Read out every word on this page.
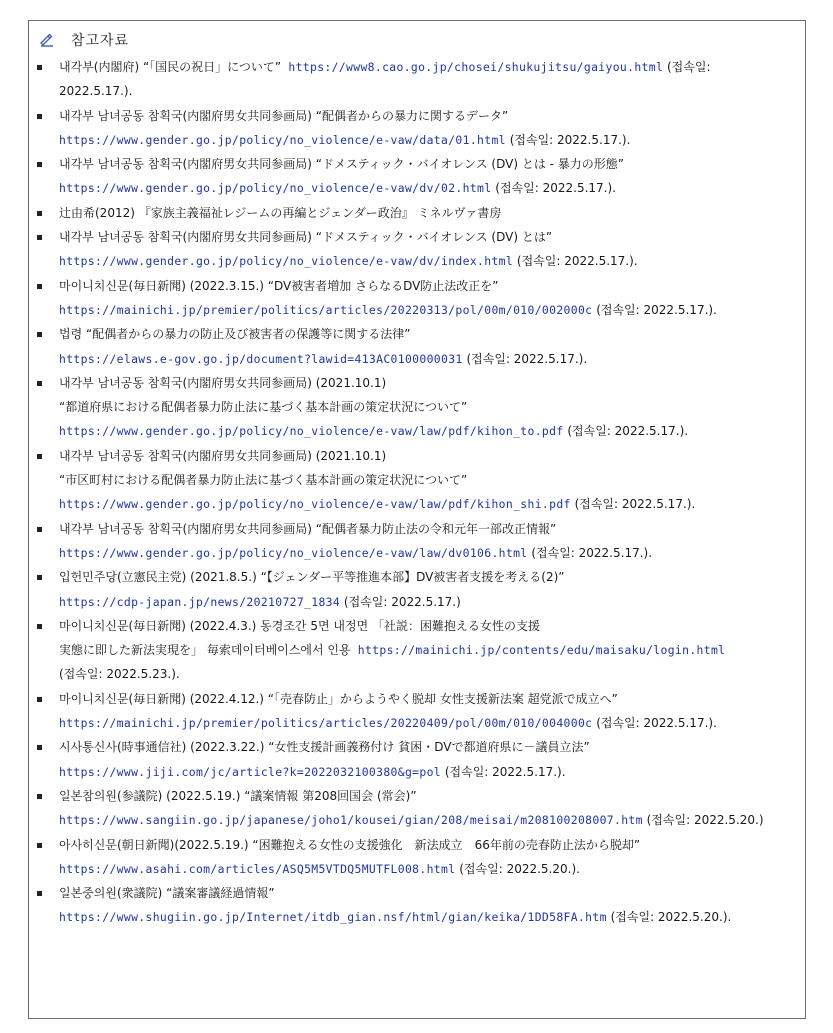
참고자료
내각부(内閣府) “「国民の祝日」について” https://www8.cao.go.jp/chosei/shukujitsu/gaiyou.html (접속일:
2022.5.17.).
내각부 남녀공동 참획국(内閣府男女共同参画局) “配偶者からの暴力に関するデータ”
https://www.gender.go.jp/policy/no_violence/e-vaw/data/01.html (접속일: 2022.5.17.).
내각부 남녀공동 참획국(内閣府男女共同参画局) “ドメスティック・バイオレンス (DV) とは - 暴力の形態”
https://www.gender.go.jp/policy/no_violence/e-vaw/dv/02.html (접속일: 2022.5.17.).
辻由希(2012) 『家族主義福祉レジームの再編とジェンダー政治』 ミネルヴァ書房
내각부 남녀공동 참획국(内閣府男女共同参画局) “ドメスティック・バイオレンス (DV) とは”
https://www.gender.go.jp/policy/no_violence/e-vaw/dv/index.html (접속일: 2022.5.17.).
마이니치신문(毎日新聞) (2022.3.15.) “DV被害者増加 さらなるDV防止法改正を”
https://mainichi.jp/premier/politics/articles/20220313/pol/00m/010/002000c (접속일: 2022.5.17.).
법령 “配偶者からの暴力の防止及び被害者の保護等に関する法律”
https://elaws.e-gov.go.jp/document?lawid=413AC0100000031 (접속일: 2022.5.17.).
내각부 남녀공동 참획국(内閣府男女共同参画局) (2021.10.1)
“都道府県における配偶者暴力防止法に基づく基本計画の策定状況について”
https://www.gender.go.jp/policy/no_violence/e-vaw/law/pdf/kihon_to.pdf (접속일: 2022.5.17.).
내각부 남녀공동 참획국(内閣府男女共同参画局) (2021.10.1)
“市区町村における配偶者暴力防止法に基づく基本計画の策定状況について”
https://www.gender.go.jp/policy/no_violence/e-vaw/law/pdf/kihon_shi.pdf (접속일: 2022.5.17.).
내각부 남녀공동 참획국(内閣府男女共同参画局) “配偶者暴力防止法の令和元年一部改正情報”
https://www.gender.go.jp/policy/no_violence/e-vaw/law/dv0106.html (접속일: 2022.5.17.).
입헌민주당(立憲民主党) (2021.8.5.) “【ジェンダー平等推進本部】DV被害者支援を考える(2)”
https://cdp-japan.jp/news/20210727_1834 (접속일: 2022.5.17.)
마이니치신문(毎日新聞) (2022.4.3.) 동경조간 5면 내정면 「社説：困難抱える女性の支援
実態に即した新法実現を」 毎索데이터베이스에서 인용 https://mainichi.jp/contents/edu/maisaku/login.html
(접속일: 2022.5.23.).
마이니치신문(毎日新聞) (2022.4.12.) “「売春防止」からようやく脱却 女性支援新法案 超党派で成立へ”
https://mainichi.jp/premier/politics/articles/20220409/pol/00m/010/004000c (접속일: 2022.5.17.).
시사통신사(時事通信社) (2022.3.22.) “女性支援計画義務付け 貧困・DVで都道府県に－議員立法”
https://www.jiji.com/jc/article?k=2022032100380&g=pol (접속일: 2022.5.17.).
일본참의원(参議院) (2022.5.19.) “議案情報 第208回国会 (常会)”
https://www.sangiin.go.jp/japanese/joho1/kousei/gian/208/meisai/m208100208007.htm (접속일: 2022.5.20.)
아사히신문(朝日新聞)(2022.5.19.) “困難抱える女性の支援強化　新法成立　66年前の売春防止法から脱却”
https://www.asahi.com/articles/ASQ5M5VTDQ5MUTFL008.html (접속일: 2022.5.20.).
일본중의원(衆議院) “議案審議経過情報”
https://www.shugiin.go.jp/Internet/itdb_gian.nsf/html/gian/keika/1DD58FA.htm (접속일: 2022.5.20.).
